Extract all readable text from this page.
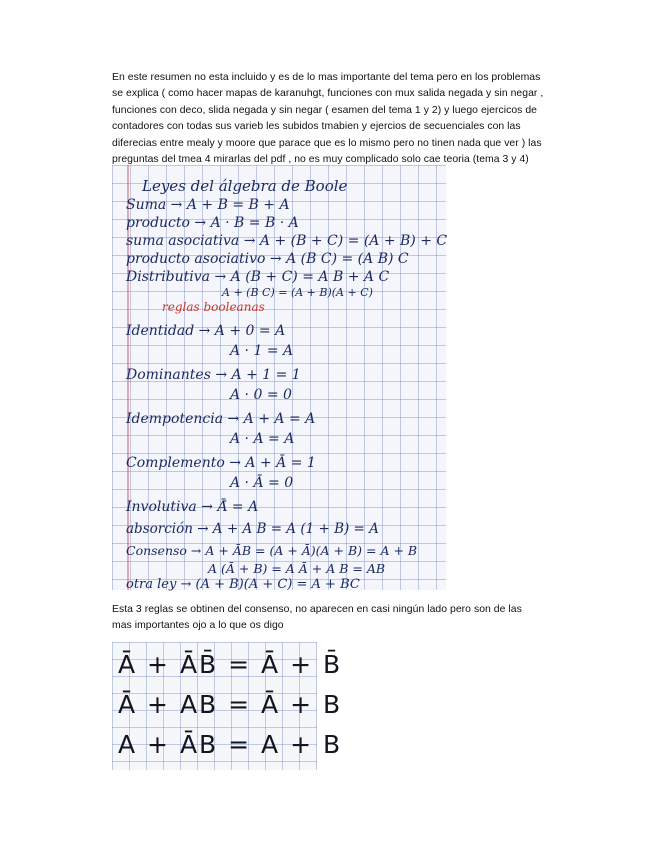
En este resumen no esta incluido y es de lo mas importante del tema pero en los problemas se explica ( como hacer mapas de karanuhgt, funciones con mux salida negada y sin negar , funciones con deco, slida negada y sin negar ( esamen del tema 1 y 2) y luego ejercicos de contadores con todas sus varieb les subidos tmabien y ejercios de secuenciales con las diferecias entre mealy y moore que parace que es lo mismo pero no tinen nada que ver ) las preguntas del tmea 4 mirarlas del pdf , no es muy complicado solo cae teoria (tema 3 y 4)
Leyes del álgebra de Boole
Suma → A + B = B + A
producto → A · B = B · A
suma asociativa → A + (B + C) = (A + B) + C
producto asociativo → A (B C) = (A B) C
Distributiva → A (B + C) = A B + A C
A + (B C) = (A + B)(A + C)
reglas booleanas
Identidad → A + 0 = A
A · 1 = A
Dominantes → A + 1 = 1
A · 0 = 0
Idempotencia → A + A = A
A · A = A
Complemento → A + Ā = 1
A · Ā = 0
Involutiva → Ā̄ = A
absorción → A + A B = A (1 + B) = A
Consenso → A + ĀB = (A + Ā)(A + B) = A + B
A (Ā + B) = A Ā + A B = AB
otra ley → (A + B)(A + C) = A + BC
Esta 3 reglas se obtinen del consenso, no aparecen en casi ningún lado pero son de las mas importantes ojo a lo que os digo
Ā + ĀB̄ = Ā + B̄
Ā + AB = Ā + B
A + ĀB = A + B
